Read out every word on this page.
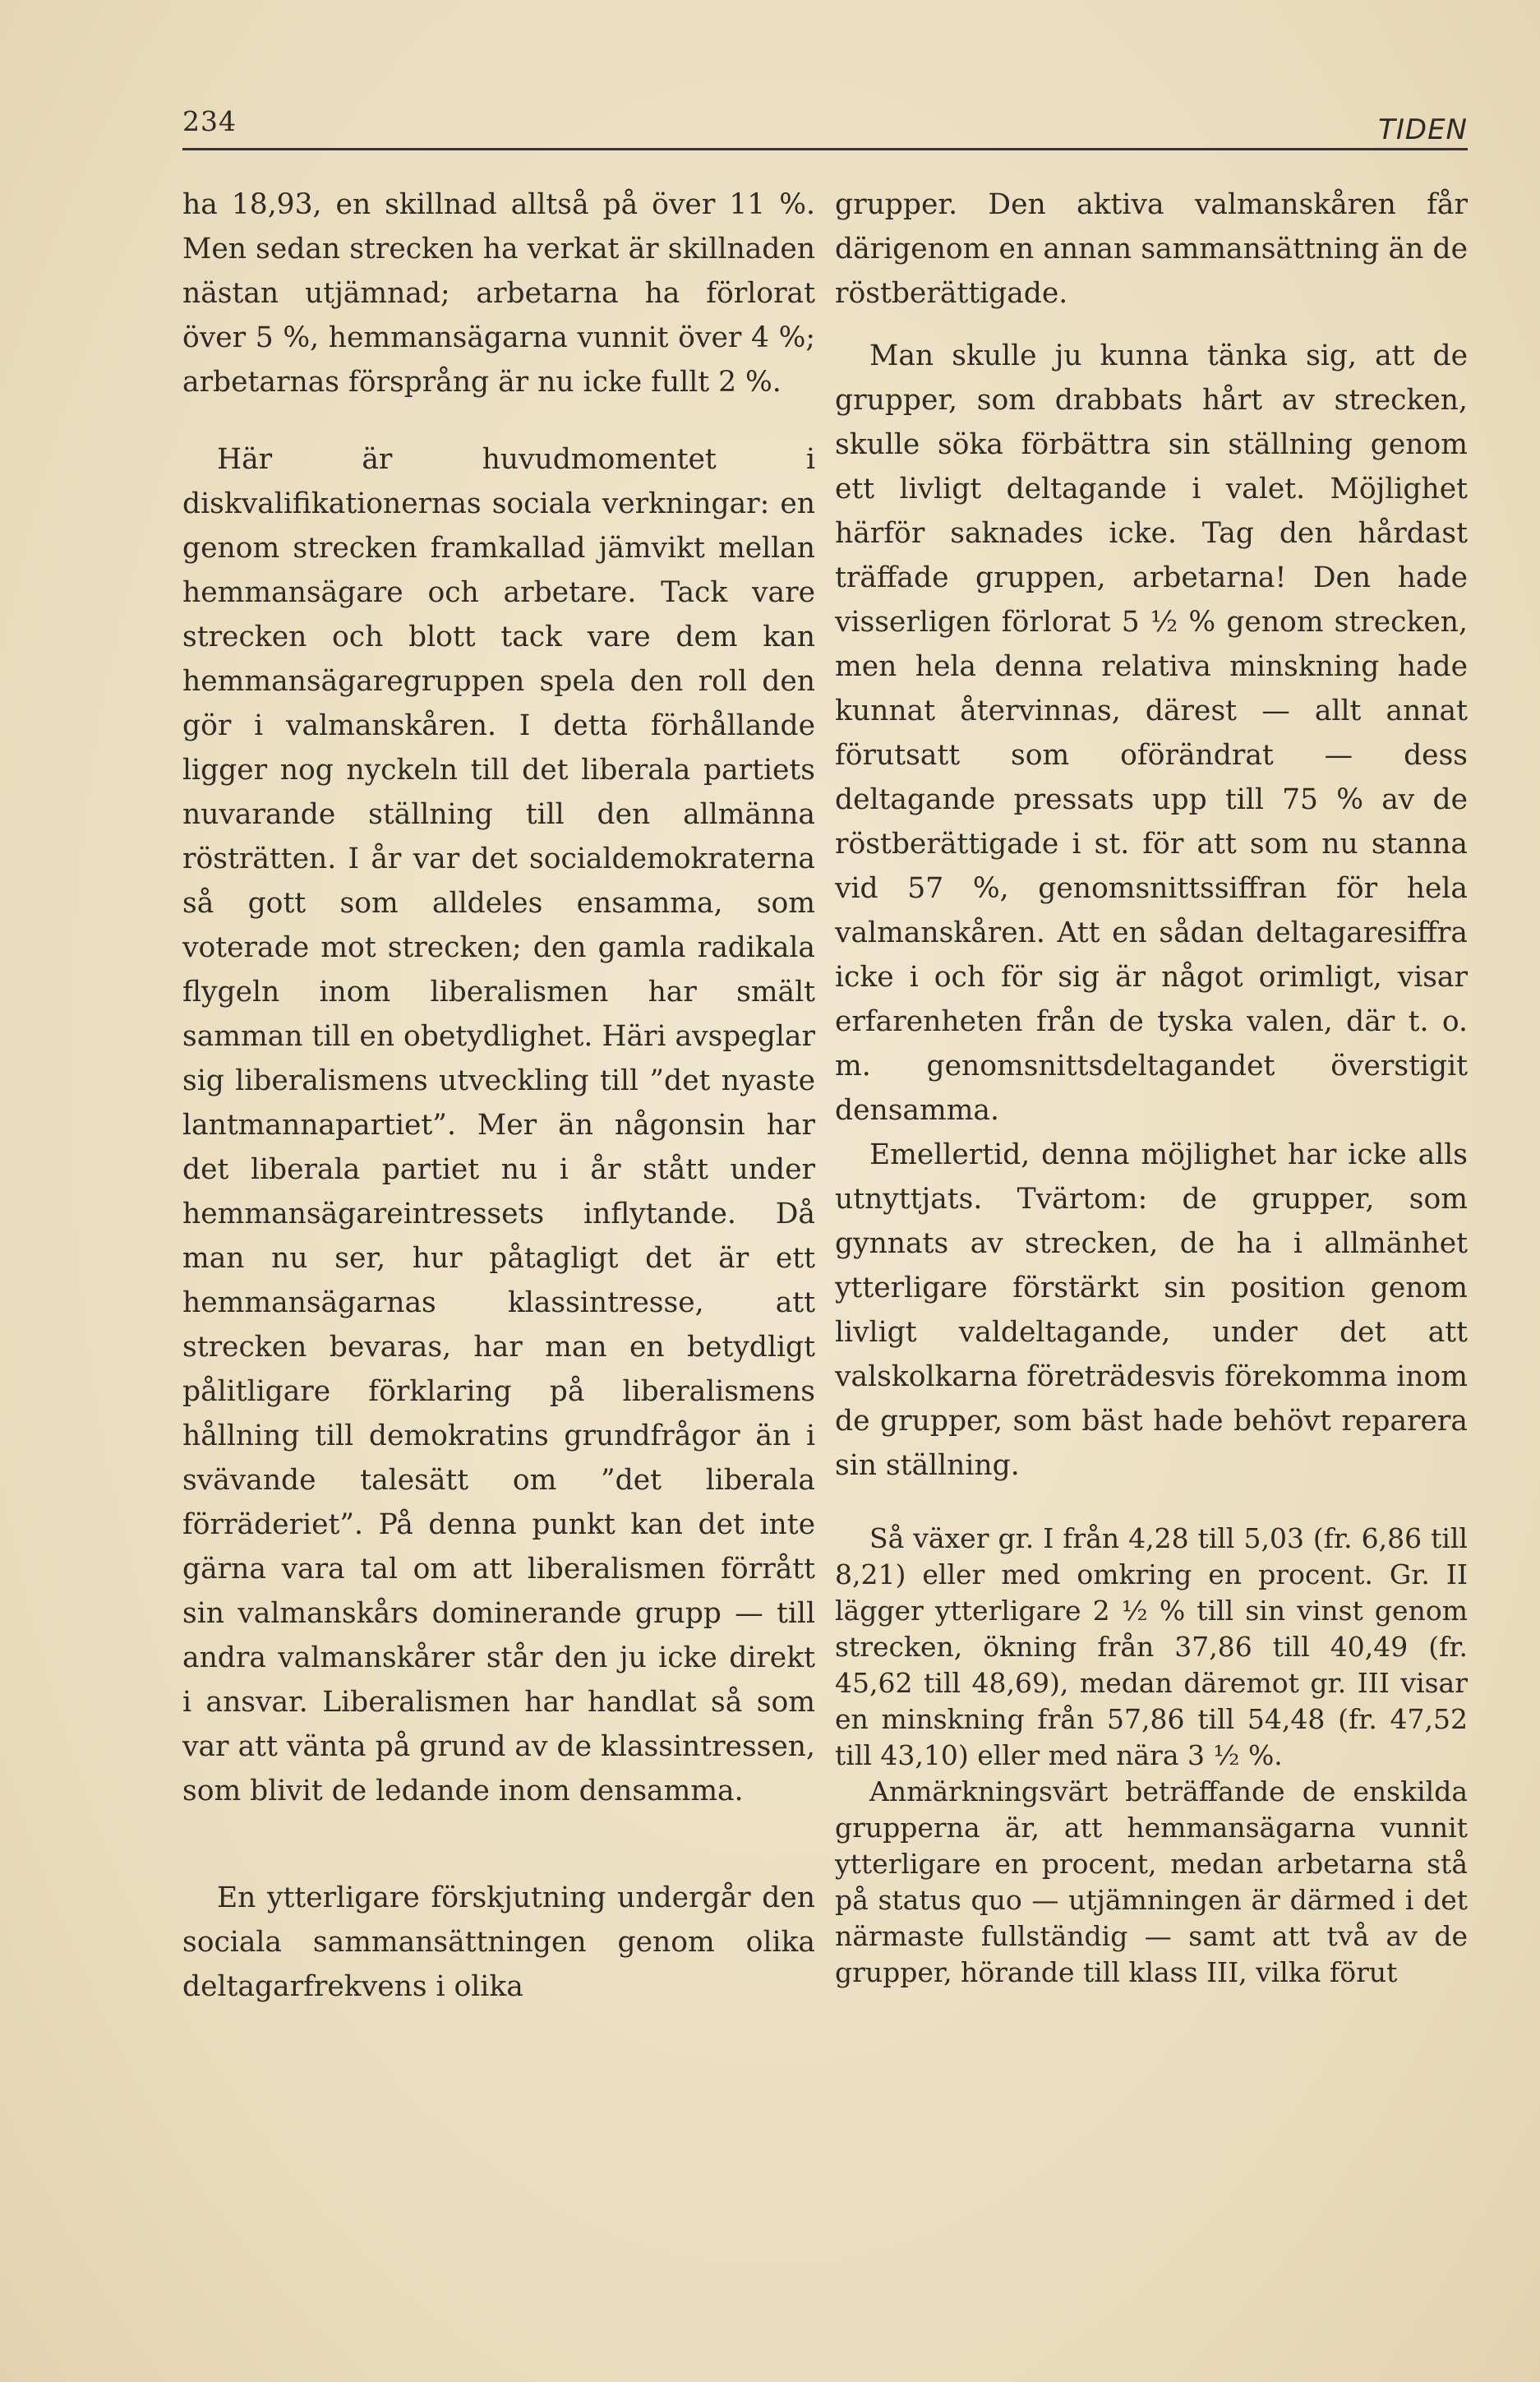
234	TIDEN

ha 18,93, en skillnad alltså på över 11 %. Men sedan strecken ha verkat är skillnaden nästan utjämnad; arbetarna ha förlorat över 5 %, hemmansägarna vunnit över 4 %; arbetarnas försprång är nu icke fullt 2 %.

Här är huvudmomentet i diskvalifikationernas sociala verkningar: en genom strecken framkallad jämvikt mellan hemmansägare och arbetare. Tack vare strecken och blott tack vare dem kan hemmansägaregruppen spela den roll den gör i valmanskåren. I detta förhållande ligger nog nyckeln till det liberala partiets nuvarande ställning till den allmänna rösträtten. I år var det socialdemokraterna så gott som alldeles ensamma, som voterade mot strecken; den gamla radikala flygeln inom liberalismen har smält samman till en obetydlighet. Häri avspeglar sig liberalismens utveckling till ”det nyaste lantmannapartiet”. Mer än någonsin har det liberala partiet nu i år stått under hemmansägareintressets inflytande. Då man nu ser, hur påtagligt det är ett hemmansägarnas klassintresse, att strecken bevaras, har man en betydligt pålitligare förklaring på liberalismens hållning till demokratins grundfrågor än i svävande talesätt om ”det liberala förräderiet”. På denna punkt kan det inte gärna vara tal om att liberalismen förrått sin valmanskårs dominerande grupp — till andra valmanskårer står den ju icke direkt i ansvar. Liberalismen har handlat så som var att vänta på grund av de klassintressen, som blivit de ledande inom densamma.

En ytterligare förskjutning undergår den sociala sammansättningen genom olika deltagarfrekvens i olika

grupper. Den aktiva valmanskåren får därigenom en annan sammansättning än de röstberättigade.

Man skulle ju kunna tänka sig, att de grupper, som drabbats hårt av strecken, skulle söka förbättra sin ställning genom ett livligt deltagande i valet. Möjlighet härför saknades icke. Tag den hårdast träffade gruppen, arbetarna! Den hade visserligen förlorat 5 ½ % genom strecken, men hela denna relativa minskning hade kunnat återvinnas, därest — allt annat förutsatt som oförändrat — dess deltagande pressats upp till 75 % av de röstberättigade i st. för att som nu stanna vid 57 %, genomsnittssiffran för hela valmanskåren. Att en sådan deltagaresiffra icke i och för sig är något orimligt, visar erfarenheten från de tyska valen, där t. o. m. genomsnittsdeltagandet överstigit densamma.

Emellertid, denna möjlighet har icke alls utnyttjats. Tvärtom: de grupper, som gynnats av strecken, de ha i allmänhet ytterligare förstärkt sin position genom livligt valdeltagande, under det att valskolkarna företrädesvis förekomma inom de grupper, som bäst hade behövt reparera sin ställning.

Så växer gr. I från 4,28 till 5,03 (fr. 6,86 till 8,21) eller med omkring en procent. Gr. II lägger ytterligare 2 ½ % till sin vinst genom strecken, ökning från 37,86 till 40,49 (fr. 45,62 till 48,69), medan däremot gr. III visar en minskning från 57,86 till 54,48 (fr. 47,52 till 43,10) eller med nära 3 ½ %.

Anmärkningsvärt beträffande de enskilda grupperna är, att hemmansägarna vunnit ytterligare en procent, medan arbetarna stå på status quo — utjämningen är därmed i det närmaste fullständig — samt att två av de grupper, hörande till klass III, vilka förut
